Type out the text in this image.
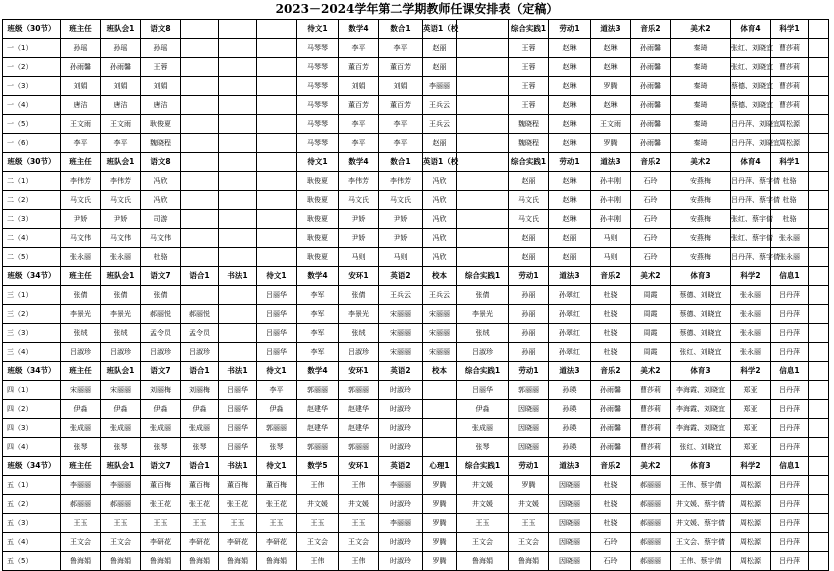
2023－2024学年第二学期教师任课安排表（定稿）
班级（30节）	班主任	班队会1	语文8				待文1	数学4	数合1	英语1（校		综合实践1	劳动1	道法3	音乐2	美术2	体育4	科学1	
一（1）	孙瑶	孙瑶	孙瑶				马琴琴	李平	李平	赵丽		王蓉	赵琳	赵琳	孙雨馨	秦琦	张红、刘晓宜	曹莎莉	
一（2）	孙雨馨	孙雨馨	王蓉				马琴琴	董百芳	董百芳	赵丽		王蓉	赵琳	赵琳	孙雨馨	秦琦	张红、刘晓宜	曹莎莉	
一（3）	刘娟	刘娟	刘娟				马琴琴	刘娟	刘娟	李丽丽		王蓉	赵琳	罗腾	孙雨馨	秦琦	蔡德、刘晓宜	曹莎莉	
一（4）	唐洁	唐洁	唐洁				马琴琴	董百芳	董百芳	王兵云		王蓉	赵琳	赵琳	孙雨馨	秦琦	蔡德、刘晓宜	曹莎莉	
一（5）	王文雨	王文雨	耿俊夏				马琴琴	李平	李平	王兵云		魏晓程	赵琳	王文雨	孙雨馨	秦琦	吕丹萍、刘晓宜	周松源	
一（6）	李平	李平	魏晓程				马琴琴	李平	李平	赵丽		魏晓程	赵琳	罗腾	孙雨馨	秦琦	吕丹萍、刘晓宜	周松源	
班级（30节）	班主任	班队会1	语文8				待文1	数学4	数合1	英语1（校		综合实践1	劳动1	道法3	音乐2	美术2	体育4	科学1	
二（1）	李伟芳	李伟芳	冯欣				耿俊夏	李伟芳	李伟芳	冯欣		赵丽	赵琳	孙丰刚	石玲	安燕梅	吕丹萍、蔡宇倩	杜骆	
二（2）	马文氏	马文氏	冯欣				耿俊夏	马文氏	马文氏	冯欣		马文氏	赵琳	孙丰刚	石玲	安燕梅	吕丹萍、蔡宇倩	杜骆	
二（3）	尹娇	尹娇	司游				耿俊夏	尹娇	尹娇	冯欣		马文氏	赵琳	孙丰刚	石玲	安燕梅	张红、蔡宇倩	杜骆	
二（4）	马文伟	马文伟	马文伟				耿俊夏	尹娇	尹娇	冯欣		赵丽	赵丽	马则	石玲	安燕梅	张红、蔡宇倩	张永丽	
二（5）	张永丽	张永丽	杜骆				耿俊夏	马则	马则	冯欣		赵丽	赵丽	马则	石玲	安燕梅	吕丹萍、蔡宇倩	张永丽	
班级（34节）	班主任	班队会1	语文7	语合1	书法1	待文1	数学4	安环1	英语2	校本	综合实践1	劳动1	道法3	音乐2	美术2	体育3	科学2	信息1	
三（1）	张倩	张倩	张倩			吕丽华	李军	张倩	王兵云	王兵云	张倩	孙丽	孙翠红	杜骁	周霞	蔡德、刘晓宜	张永丽	吕丹萍	
三（2）	李景光	李景光	郝丽悦	郝丽悦		吕丽华	李军	李景光	宋丽丽	宋丽丽	李景光	孙丽	孙翠红	杜骁	周霞	蔡德、刘晓宜	张永丽	吕丹萍	
三（3）	张绒	张绒	孟令员	孟令员		吕丽华	李军	张绒	宋丽丽	宋丽丽	张绒	孙丽	孙翠红	杜骁	周霞	蔡德、刘晓宜	张永丽	吕丹萍	
三（4）	吕淑珍	吕淑珍	吕淑珍	吕淑珍		吕丽华	李军	吕淑珍	宋丽丽	宋丽丽	吕淑珍	孙丽	孙翠红	杜骁	周霞	张红、刘晓宜	张永丽	吕丹萍	
班级（34节）	班主任	班队会1	语文7	语合1	书法1	待文1	数学4	安环1	英语2	校本	综合实践1	劳动1	道法3	音乐2	美术2	体育3	科学2	信息1	
四（1）	宋丽丽	宋丽丽	刘丽梅	刘丽梅	吕丽华	李平	郭丽丽	郭丽丽	时淑玲		吕丽华	郭丽丽	孙瑛	孙雨馨	曹莎莉	李海霞、刘晓宜	郑亚	吕丹萍	
四（2）	伊淼	伊淼	伊淼	伊淼	吕丽华	伊淼	赵建华	赵建华	时淑玲		伊淼	因晓丽	孙瑛	孙雨馨	曹莎莉	李海霞、刘晓宜	郑亚	吕丹萍	
四（3）	张成丽	张成丽	张成丽	张成丽	吕丽华	郭丽丽	赵建华	赵建华	时淑玲		张成丽	因晓丽	孙瑛	孙雨馨	曹莎莉	李海霞、刘晓宜	郑亚	吕丹萍	
四（4）	张琴	张琴	张琴	张琴	吕丽华	张琴	郭丽丽	郭丽丽	时淑玲		张琴	因晓丽	孙瑛	孙雨馨	曹莎莉	张红、刘晓宜	郑亚	吕丹萍	
班级（34节）	班主任	班队会1	语文7	语合1	书法1	待文1	数学5	安环1	英语2	心理1	综合实践1	劳动1	道法3	音乐2	美术2	体育3	科学2	信息1	
五（1）	李丽丽	李丽丽	董百梅	董百梅	董百梅	董百梅	王伟	王伟	李丽丽	罗腾	井文媛	罗腾	因晓丽	杜骁	郝丽丽	王伟、蔡宇倩	周松源	吕丹萍	
五（2）	郝丽丽	郝丽丽	张王花	张王花	张王花	张王花	井文媛	井文媛	时淑玲	罗腾	井文媛	井文媛	因晓丽	杜骁	郝丽丽	井文媛、蔡宇倩	周松源	吕丹萍	
五（3）	王玉	王玉	王玉	王玉	王玉	王玉	王玉	王玉	李丽丽	罗腾	王玉	王玉	因晓丽	杜骁	郝丽丽	井文媛、蔡宇倩	周松源	吕丹萍	
五（4）	王文会	王文会	李研花	李研花	李研花	李研花	王文会	王文会	时淑玲	罗腾	王文会	王文会	因晓丽	石玲	郝丽丽	王文会、蔡宇倩	周松源	吕丹萍	
五（5）	鲁海娟	鲁海娟	鲁海娟	鲁海娟	鲁海娟	鲁海娟	王伟	王伟	时淑玲	罗腾	鲁海娟	鲁海娟	因晓丽	石玲	郝丽丽	王伟、蔡宇倩	周松源	吕丹萍	
